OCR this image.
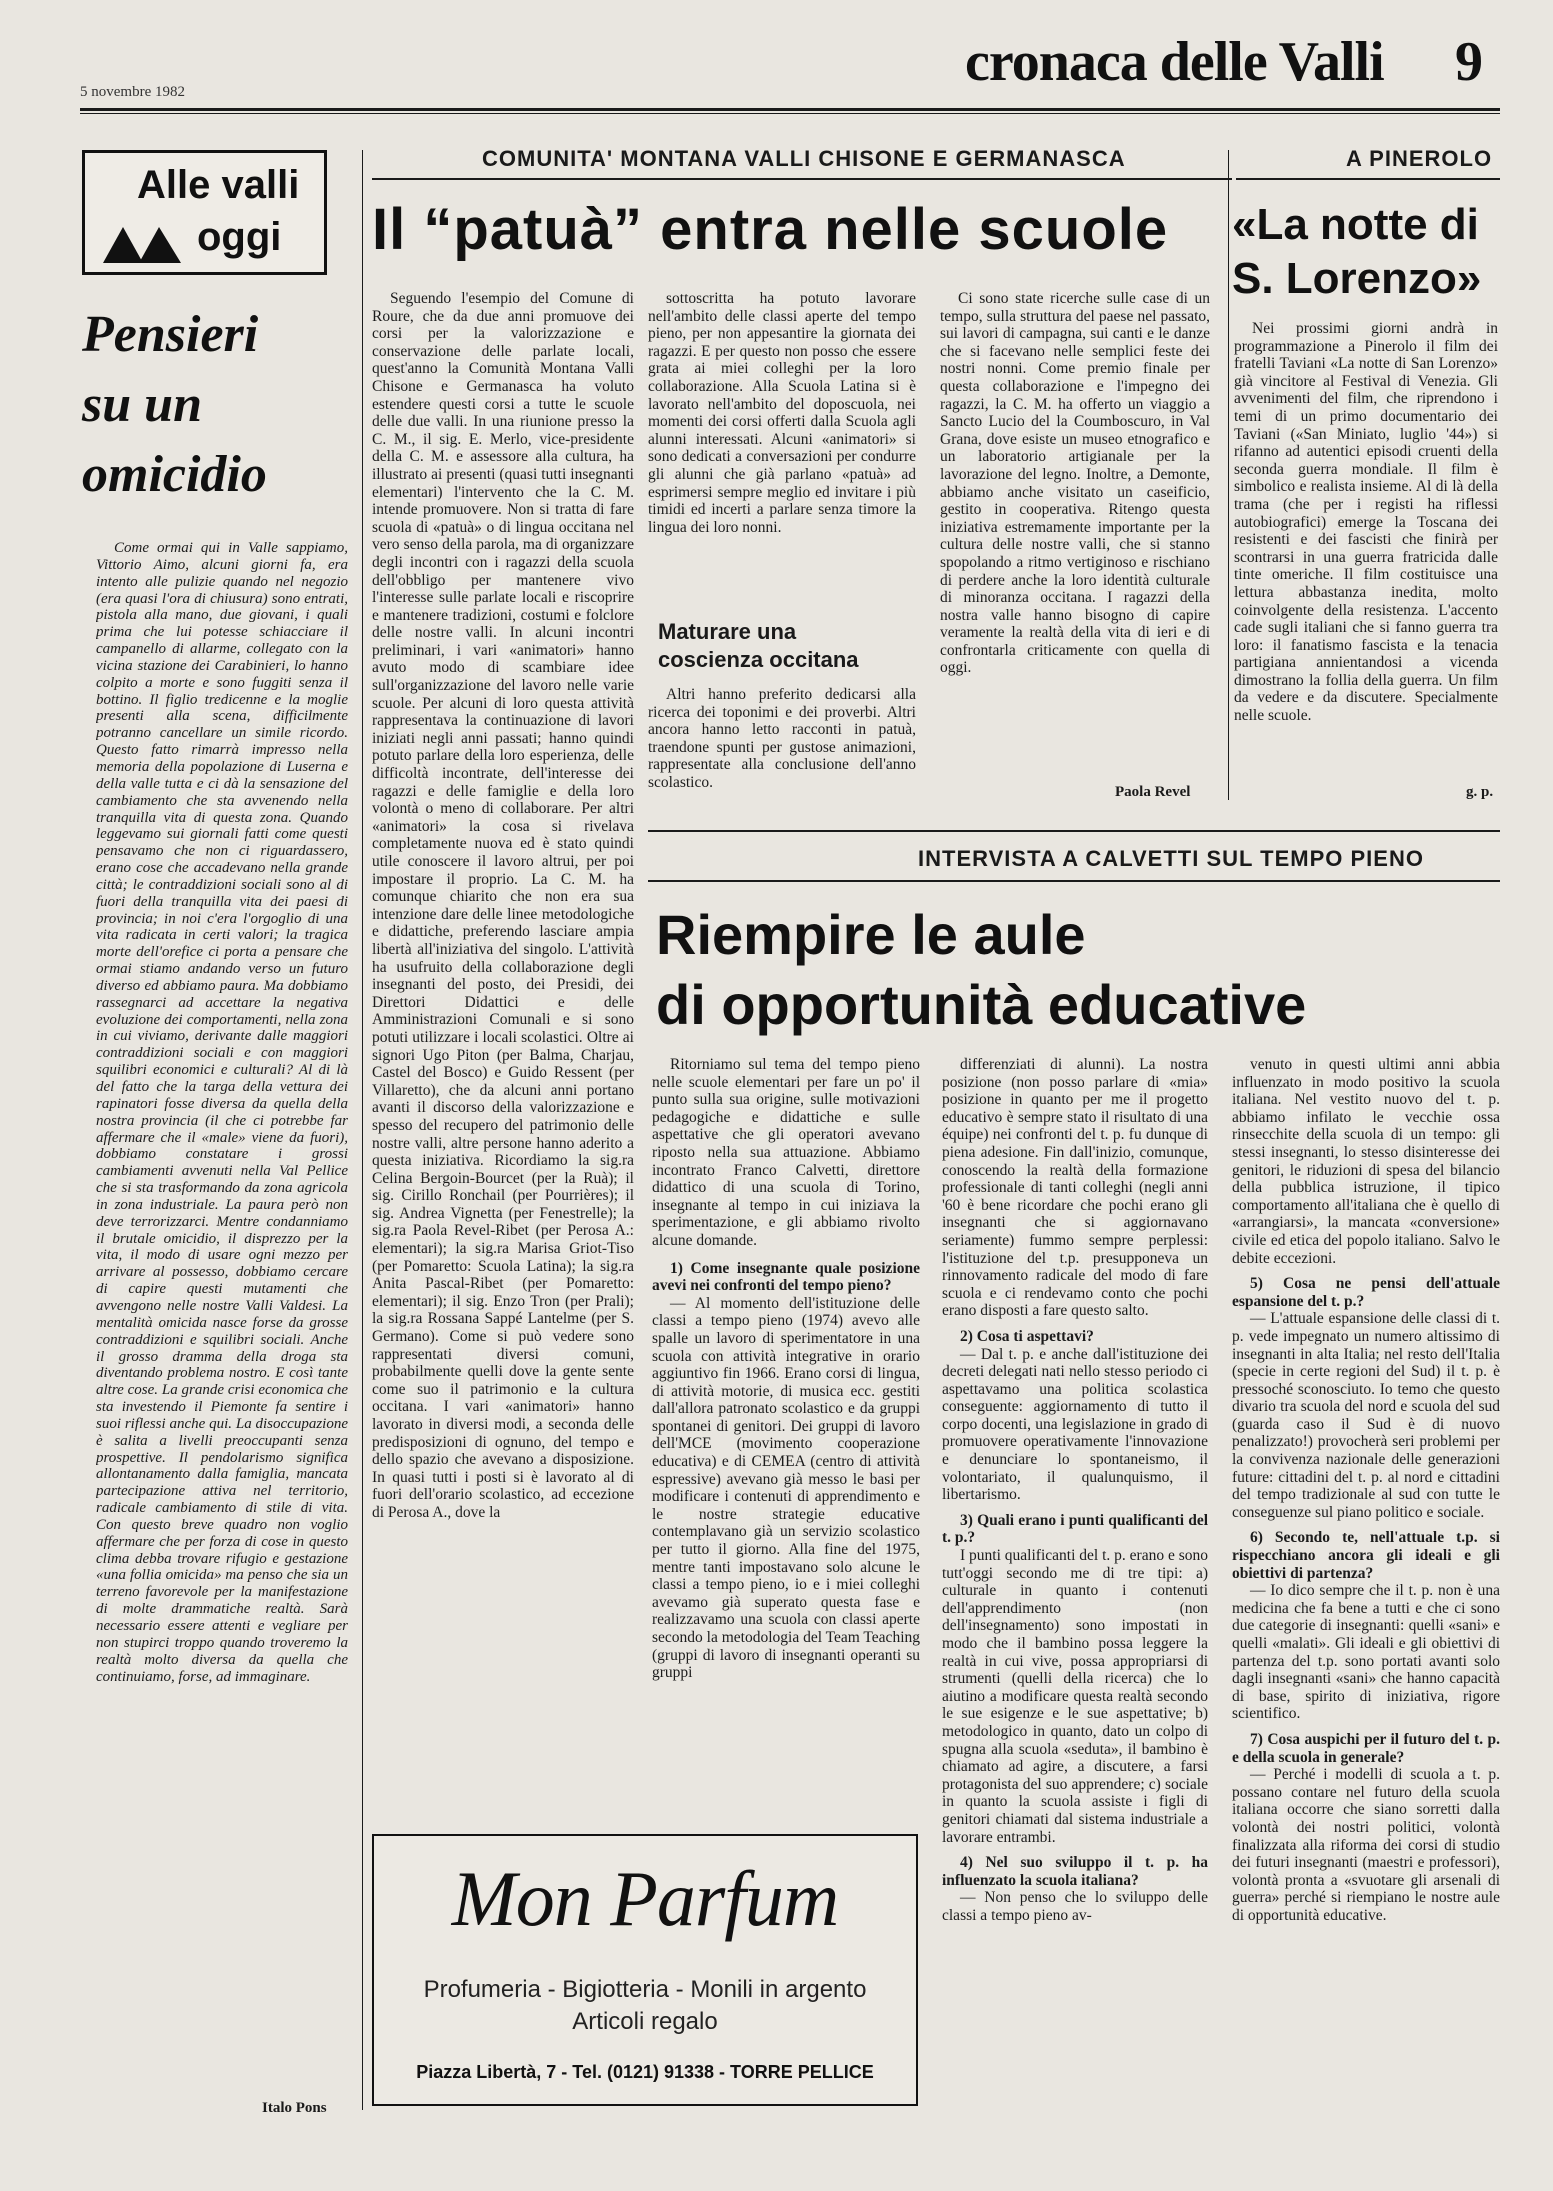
5 novembre 1982	cronaca delle Valli 9
Alle valli
oggi
Pensieri
su un
omicidio

Come ormai qui in Valle sappiamo, Vittorio Aimo, alcuni giorni fa, era intento alle pulizie quando nel negozio (era quasi l'ora di chiusura) sono entrati, pistola alla mano, due giovani, i quali prima che lui potesse schiacciare il campanello di allarme, collegato con la vicina stazione dei Carabinieri, lo hanno colpito a morte e sono fuggiti senza il bottino. Il figlio tredicenne e la moglie presenti alla scena, difficilmente potranno cancellare un simile ricordo. Questo fatto rimarrà impresso nella memoria della popolazione di Luserna e della valle tutta e ci dà la sensazione del cambiamento che sta avvenendo nella tranquilla vita di questa zona. Quando leggevamo sui giornali fatti come questi pensavamo che non ci riguardassero, erano cose che accadevano nella grande città; le contraddizioni sociali sono al di fuori della tranquilla vita dei paesi di provincia; in noi c'era l'orgoglio di una vita radicata in certi valori; la tragica morte dell'orefice ci porta a pensare che ormai stiamo andando verso un futuro diverso ed abbiamo paura. Ma dobbiamo rassegnarci ad accettare la negativa evoluzione dei comportamenti, nella zona in cui viviamo, derivante dalle maggiori contraddizioni sociali e con maggiori squilibri economici e culturali? Al di là del fatto che la targa della vettura dei rapinatori fosse diversa da quella della nostra provincia (il che ci potrebbe far affermare che il «male» viene da fuori), dobbiamo constatare i grossi cambiamenti avvenuti nella Val Pellice che si sta trasformando da zona agricola in zona industriale. La paura però non deve terrorizzarci. Mentre condanniamo il brutale omicidio, il disprezzo per la vita, il modo di usare ogni mezzo per arrivare al possesso, dobbiamo cercare di capire questi mutamenti che avvengono nelle nostre Valli Valdesi. La mentalità omicida nasce forse da grosse contraddizioni e squilibri sociali. Anche il grosso dramma della droga sta diventando problema nostro. E così tante altre cose. La grande crisi economica che sta investendo il Piemonte fa sentire i suoi riflessi anche qui. La disoccupazione è salita a livelli preoccupanti senza prospettive. Il pendolarismo significa allontanamento dalla famiglia, mancata partecipazione attiva nel territorio, radicale cambiamento di stile di vita. Con questo breve quadro non voglio affermare che per forza di cose in questo clima debba trovare rifugio e gestazione «una follia omicida» ma penso che sia un terreno favorevole per la manifestazione di molte drammatiche realtà. Sarà necessario essere attenti e vegliare per non stupirci troppo quando troveremo la realtà molto diversa da quella che continuiamo, forse, ad immaginare.

Italo Pons
COMUNITA' MONTANA VALLI CHISONE E GERMANASCA
Il “patuà” entra nelle scuole

Seguendo l'esempio del Comune di Roure, che da due anni promuove dei corsi per la valorizzazione e conservazione delle parlate locali, quest'anno la Comunità Montana Valli Chisone e Germanasca ha voluto estendere questi corsi a tutte le scuole delle due valli. In una riunione presso la C. M., il sig. E. Merlo, vice-presidente della C. M. e assessore alla cultura, ha illustrato ai presenti (quasi tutti insegnanti elementari) l'intervento che la C. M. intende promuovere. Non si tratta di fare scuola di «patuà» o di lingua occitana nel vero senso della parola, ma di organizzare degli incontri con i ragazzi della scuola dell'obbligo per mantenere vivo l'interesse sulle parlate locali e riscoprire e mantenere tradizioni, costumi e folclore delle nostre valli. In alcuni incontri preliminari, i vari «animatori» hanno avuto modo di scambiare idee sull'organizzazione del lavoro nelle varie scuole. Per alcuni di loro questa attività rappresentava la continuazione di lavori iniziati negli anni passati; hanno quindi potuto parlare della loro esperienza, delle difficoltà incontrate, dell'interesse dei ragazzi e delle famiglie e della loro volontà o meno di collaborare. Per altri «animatori» la cosa si rivelava completamente nuova ed è stato quindi utile conoscere il lavoro altrui, per poi impostare il proprio. La C. M. ha comunque chiarito che non era sua intenzione dare delle linee metodologiche e didattiche, preferendo lasciare ampia libertà all'iniziativa del singolo. L'attività ha usufruito della collaborazione degli insegnanti del posto, dei Presidi, dei Direttori Didattici e delle Amministrazioni Comunali e si sono potuti utilizzare i locali scolastici. Oltre ai signori Ugo Piton (per Balma, Charjau, Castel del Bosco) e Guido Ressent (per Villaretto), che da alcuni anni portano avanti il discorso della valorizzazione e spesso del recupero del patrimonio delle nostre valli, altre persone hanno aderito a questa iniziativa. Ricordiamo la sig.ra Celina Bergoin-Bourcet (per la Ruà); il sig. Cirillo Ronchail (per Pourrières); il sig. Andrea Vignetta (per Fenestrelle); la sig.ra Paola Revel-Ribet (per Perosa A.: elementari); la sig.ra Marisa Griot-Tiso (per Pomaretto: Scuola Latina); la sig.ra Anita Pascal-Ribet (per Pomaretto: elementari); il sig. Enzo Tron (per Prali); la sig.ra Rossana Sappé Lantelme (per S. Germano). Come si può vedere sono rappresentati diversi comuni, probabilmente quelli dove la gente sente come suo il patrimonio e la cultura occitana. I vari «animatori» hanno lavorato in diversi modi, a seconda delle predisposizioni di ognuno, del tempo e dello spazio che avevano a disposizione. In quasi tutti i posti si è lavorato al di fuori dell'orario scolastico, ad eccezione di Perosa A., dove la

sottoscritta ha potuto lavorare nell'ambito delle classi aperte del tempo pieno, per non appesantire la giornata dei ragazzi. E per questo non posso che essere grata ai miei colleghi per la loro collaborazione. Alla Scuola Latina si è lavorato nell'ambito del doposcuola, nei momenti dei corsi offerti dalla Scuola agli alunni interessati. Alcuni «animatori» si sono dedicati a conversazioni per condurre gli alunni che già parlano «patuà» ad esprimersi sempre meglio ed invitare i più timidi ed incerti a parlare senza timore la lingua dei loro nonni.

Maturare una
coscienza occitana

Altri hanno preferito dedicarsi alla ricerca dei toponimi e dei proverbi. Altri ancora hanno letto racconti in patuà, traendone spunti per gustose animazioni, rappresentate alla conclusione dell'anno scolastico.

Ci sono state ricerche sulle case di un tempo, sulla struttura del paese nel passato, sui lavori di campagna, sui canti e le danze che si facevano nelle semplici feste dei nostri nonni. Come premio finale per questa collaborazione e l'impegno dei ragazzi, la C. M. ha offerto un viaggio a Sancto Lucio del la Coumboscuro, in Val Grana, dove esiste un museo etnografico e un laboratorio artigianale per la lavorazione del legno. Inoltre, a Demonte, abbiamo anche visitato un caseificio, gestito in cooperativa. Ritengo questa iniziativa estremamente importante per la cultura delle nostre valli, che si stanno spopolando a ritmo vertiginoso e rischiano di perdere anche la loro identità culturale di minoranza occitana. I ragazzi della nostra valle hanno bisogno di capire veramente la realtà della vita di ieri e di confrontarla criticamente con quella di oggi.

Paola Revel
A PINEROLO
«La notte di
S. Lorenzo»

Nei prossimi giorni andrà in programmazione a Pinerolo il film dei fratelli Taviani «La notte di San Lorenzo» già vincitore al Festival di Venezia. Gli avvenimenti del film, che riprendono i temi di un primo documentario dei Taviani («San Miniato, luglio '44») si rifanno ad autentici episodi cruenti della seconda guerra mondiale. Il film è simbolico e realista insieme. Al di là della trama (che per i registi ha riflessi autobiografici) emerge la Toscana dei resistenti e dei fascisti che finirà per scontrarsi in una guerra fratricida dalle tinte omeriche. Il film costituisce una lettura abbastanza inedita, molto coinvolgente della resistenza. L'accento cade sugli italiani che si fanno guerra tra loro: il fanatismo fascista e la tenacia partigiana annientandosi a vicenda dimostrano la follia della guerra. Un film da vedere e da discutere. Specialmente nelle scuole.

g. p.
INTERVISTA A CALVETTI SUL TEMPO PIENO
Riempire le aule
di opportunità educative

Ritorniamo sul tema del tempo pieno nelle scuole elementari per fare un po' il punto sulla sua origine, sulle motivazioni pedagogiche e didattiche e sulle aspettative che gli operatori avevano riposto nella sua attuazione. Abbiamo incontrato Franco Calvetti, direttore didattico di una scuola di Torino, insegnante al tempo in cui iniziava la sperimentazione, e gli abbiamo rivolto alcune domande.

1) Come insegnante quale posizione avevi nei confronti del tempo pieno?

— Al momento dell'istituzione delle classi a tempo pieno (1974) avevo alle spalle un lavoro di sperimentatore in una scuola con attività integrative in orario aggiuntivo fin 1966. Erano corsi di lingua, di attività motorie, di musica ecc. gestiti dall'allora patronato scolastico e da gruppi spontanei di genitori. Dei gruppi di lavoro dell'MCE (movimento cooperazione educativa) e di CEMEA (centro di attività espressive) avevano già messo le basi per modificare i contenuti di apprendimento e le nostre strategie educative contemplavano già un servizio scolastico per tutto il giorno. Alla fine del 1975, mentre tanti impostavano solo alcune le classi a tempo pieno, io e i miei colleghi avevamo già superato questa fase e realizzavamo una scuola con classi aperte secondo la metodologia del Team Teaching (gruppi di lavoro di insegnanti operanti su gruppi

differenziati di alunni). La nostra posizione (non posso parlare di «mia» posizione in quanto per me il progetto educativo è sempre stato il risultato di una équipe) nei confronti del t. p. fu dunque di piena adesione. Fin dall'inizio, comunque, conoscendo la realtà della formazione professionale di tanti colleghi (negli anni '60 è bene ricordare che pochi erano gli insegnanti che si aggiornavano seriamente) fummo sempre perplessi: l'istituzione del t.p. presupponeva un rinnovamento radicale del modo di fare scuola e ci rendevamo conto che pochi erano disposti a fare questo salto.

2) Cosa ti aspettavi?

— Dal t. p. e anche dall'istituzione dei decreti delegati nati nello stesso periodo ci aspettavamo una politica scolastica conseguente: aggiornamento di tutto il corpo docenti, una legislazione in grado di promuovere operativamente l'innovazione e denunciare lo spontaneismo, il volontariato, il qualunquismo, il libertarismo.

3) Quali erano i punti qualificanti del t. p.?

I punti qualificanti del t. p. erano e sono tutt'oggi secondo me di tre tipi: a) culturale in quanto i contenuti dell'apprendimento (non dell'insegnamento) sono impostati in modo che il bambino possa leggere la realtà in cui vive, possa appropriarsi di strumenti (quelli della ricerca) che lo aiutino a modificare questa realtà secondo le sue esigenze e le sue aspettative; b) metodologico in quanto, dato un colpo di spugna alla scuola «seduta», il bambino è chiamato ad agire, a discutere, a farsi protagonista del suo apprendere; c) sociale in quanto la scuola assiste i figli di genitori chiamati dal sistema industriale a lavorare entrambi.

4) Nel suo sviluppo il t. p. ha influenzato la scuola italiana?

— Non penso che lo sviluppo delle classi a tempo pieno av-

venuto in questi ultimi anni abbia influenzato in modo positivo la scuola italiana. Nel vestito nuovo del t. p. abbiamo infilato le vecchie ossa rinsecchite della scuola di un tempo: gli stessi insegnanti, lo stesso disinteresse dei genitori, le riduzioni di spesa del bilancio della pubblica istruzione, il tipico comportamento all'italiana che è quello di «arrangiarsi», la mancata «conversione» civile ed etica del popolo italiano. Salvo le debite eccezioni.

5) Cosa ne pensi dell'attuale espansione del t. p.?

— L'attuale espansione delle classi di t. p. vede impegnato un numero altissimo di insegnanti in alta Italia; nel resto dell'Italia (specie in certe regioni del Sud) il t. p. è pressoché sconosciuto. Io temo che questo divario tra scuola del nord e scuola del sud (guarda caso il Sud è di nuovo penalizzato!) provocherà seri problemi per la convivenza nazionale delle generazioni future: cittadini del t. p. al nord e cittadini del tempo tradizionale al sud con tutte le conseguenze sul piano politico e sociale.

6) Secondo te, nell'attuale t.p. si rispecchiano ancora gli ideali e gli obiettivi di partenza?

— Io dico sempre che il t. p. non è una medicina che fa bene a tutti e che ci sono due categorie di insegnanti: quelli «sani» e quelli «malati». Gli ideali e gli obiettivi di partenza del t.p. sono portati avanti solo dagli insegnanti «sani» che hanno capacità di base, spirito di iniziativa, rigore scientifico.

7) Cosa auspichi per il futuro del t. p. e della scuola in generale?

— Perché i modelli di scuola a t. p. possano contare nel futuro della scuola italiana occorre che siano sorretti dalla volontà dei nostri politici, volontà finalizzata alla riforma dei corsi di studio dei futuri insegnanti (maestri e professori), volontà pronta a «svuotare gli arsenali di guerra» perché si riempiano le nostre aule di opportunità educative.

Mon Parfum
Profumeria - Bigiotteria - Monili in argento
Articoli regalo
Piazza Libertà, 7 - Tel. (0121) 91338 - TORRE PELLICE
